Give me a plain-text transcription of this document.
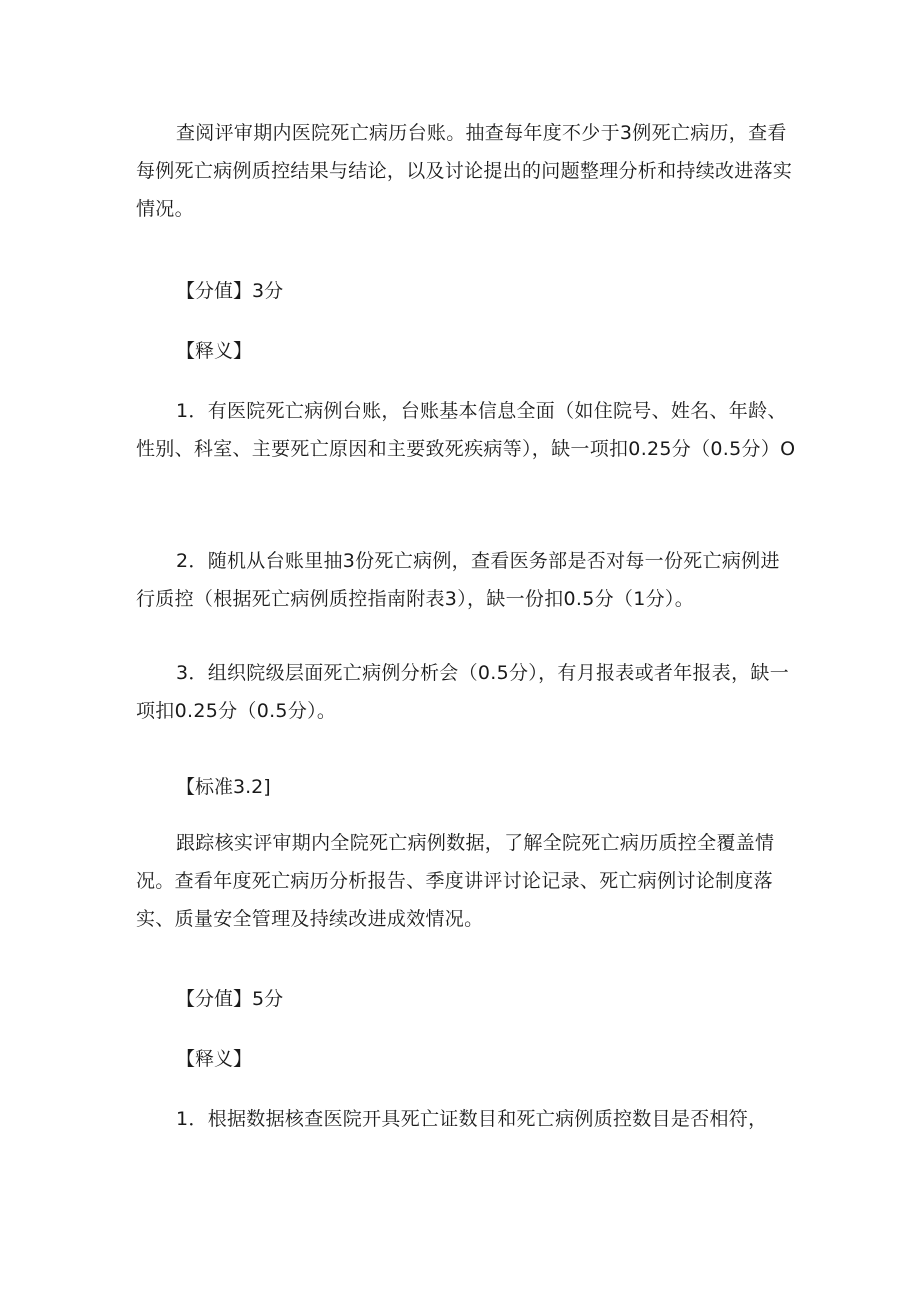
查阅评审期内医院死亡病历台账。抽查每年度不少于3例死亡病历，查看每例死亡病例质控结果与结论，以及讨论提出的问题整理分析和持续改进落实情况。

【分值】3分

【释义】

1．有医院死亡病例台账，台账基本信息全面（如住院号、姓名、年龄、性别、科室、主要死亡原因和主要致死疾病等），缺一项扣0.25分（0.5分）O

2．随机从台账里抽3份死亡病例，查看医务部是否对每一份死亡病例进行质控（根据死亡病例质控指南附表3），缺一份扣0.5分（1分）。

3．组织院级层面死亡病例分析会（0.5分），有月报表或者年报表，缺一项扣0.25分（0.5分）。

【标准3.2]

跟踪核实评审期内全院死亡病例数据，了解全院死亡病历质控全覆盖情况。查看年度死亡病历分析报告、季度讲评讨论记录、死亡病例讨论制度落实、质量安全管理及持续改进成效情况。

【分值】5分

【释义】

1．根据数据核查医院开具死亡证数目和死亡病例质控数目是否相符，
